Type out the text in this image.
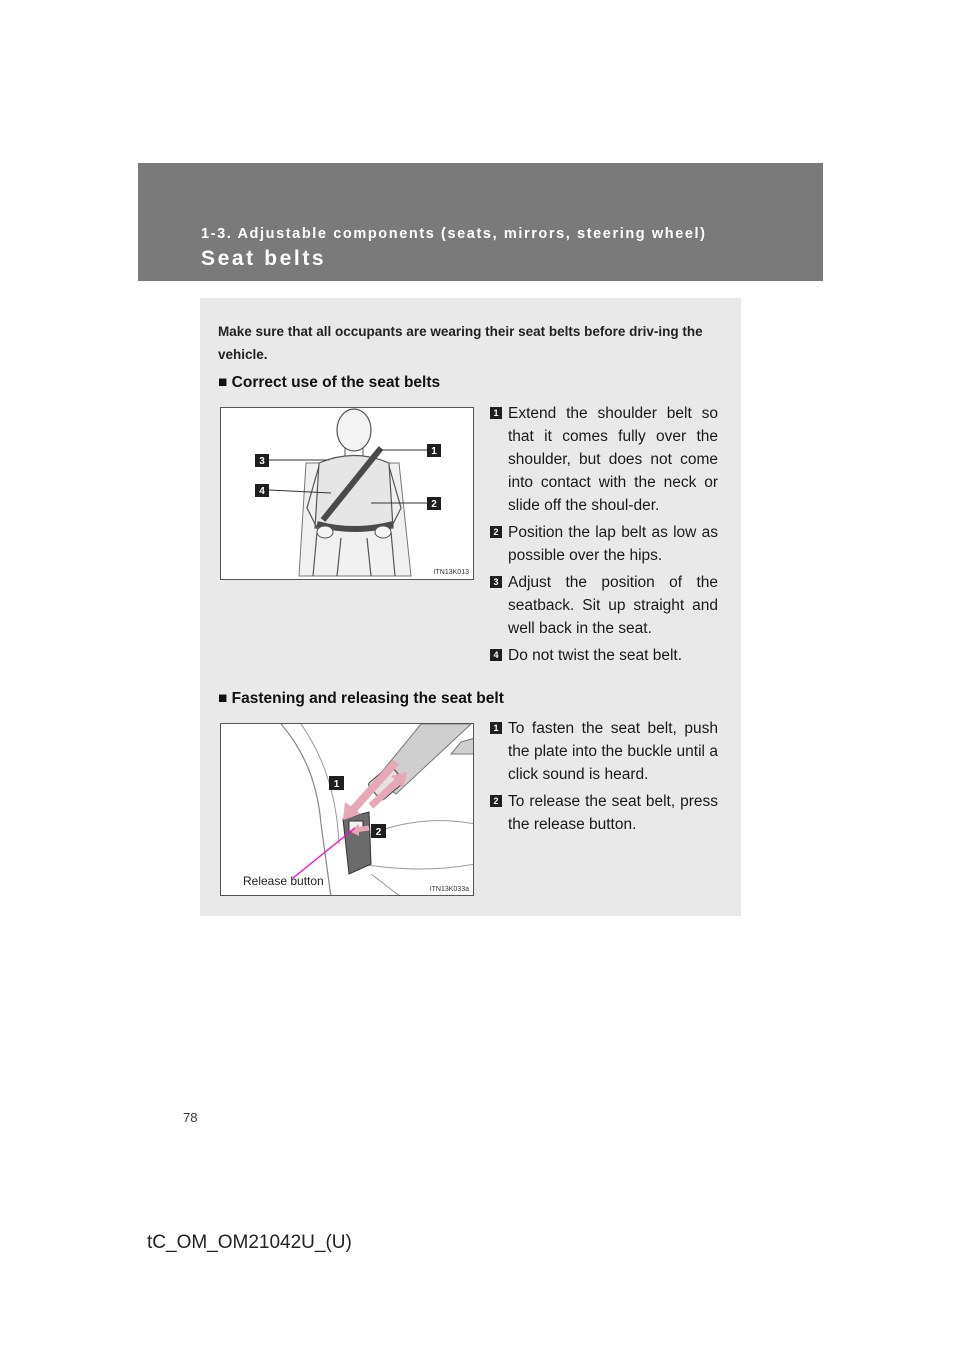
1-3. Adjustable components (seats, mirrors, steering wheel)
Seat belts
Make sure that all occupants are wearing their seat belts before driv-ing the vehicle.
■ Correct use of the seat belts
3
4
1
2
ITN13K013
1 Extend the shoulder belt so that it comes fully over the shoulder, but does not come into contact with the neck or slide off the shoul-der.
2 Position the lap belt as low as possible over the hips.
3 Adjust the position of the seatback. Sit up straight and well back in the seat.
4 Do not twist the seat belt.
■ Fastening and releasing the seat belt
1
2
Release button
ITN13K033a
1 To fasten the seat belt, push the plate into the buckle until a click sound is heard.
2 To release the seat belt, press the release button.
78
tC_OM_OM21042U_(U)
